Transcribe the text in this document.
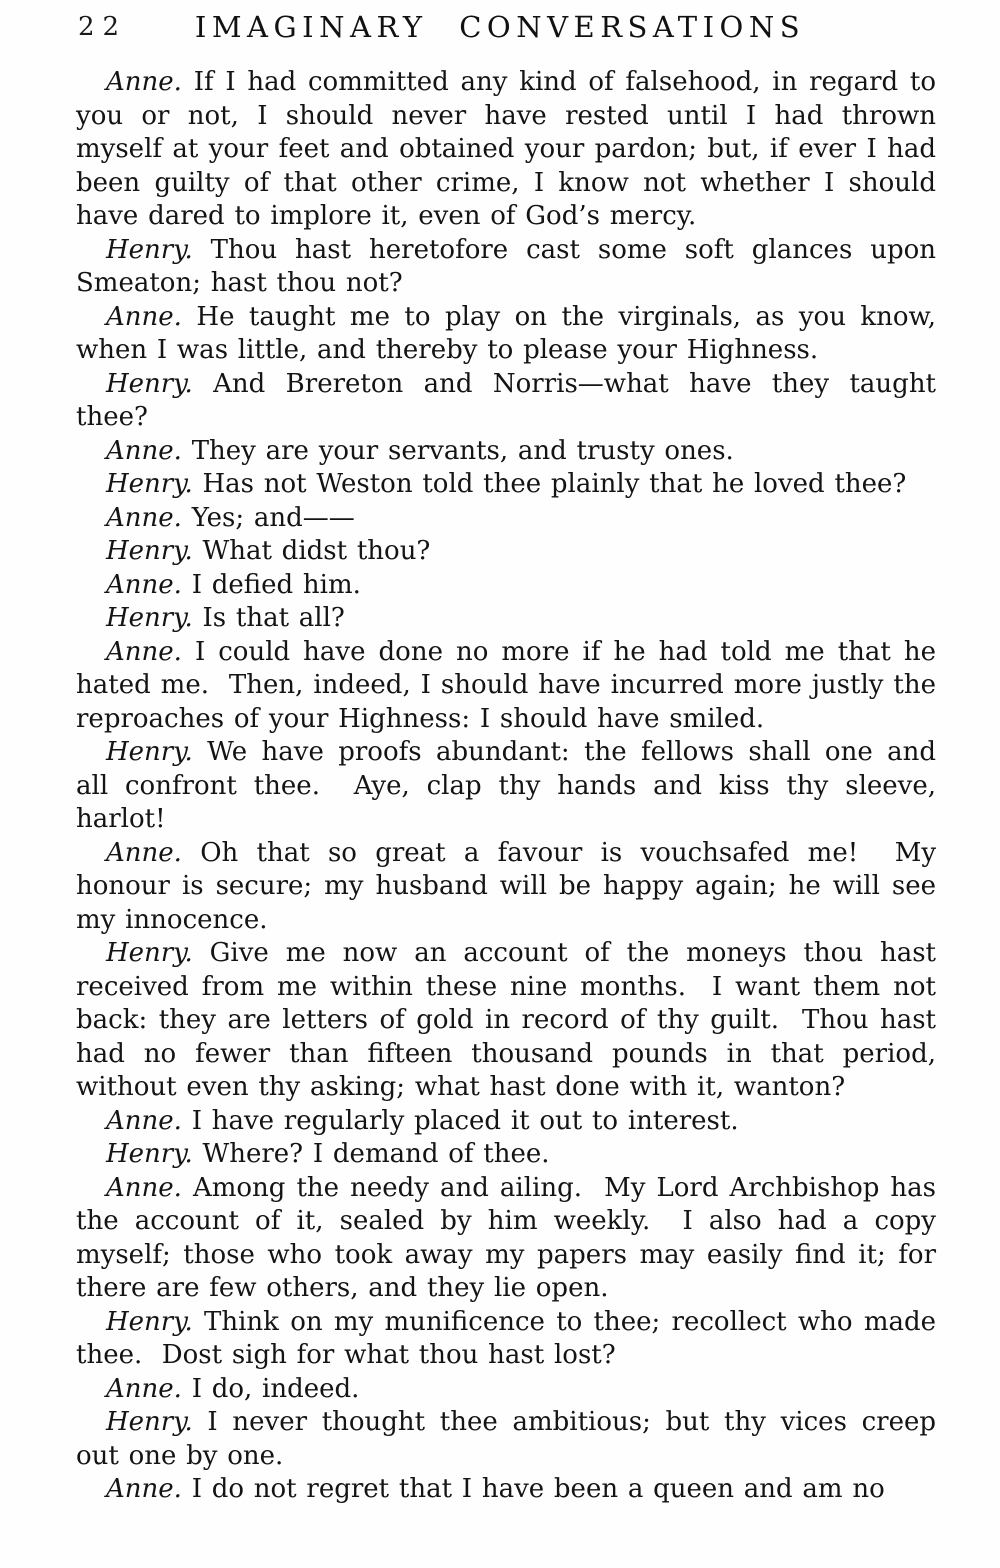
22	IMAGINARY CONVERSATIONS

Anne. If I had committed any kind of falsehood, in regard to you or not, I should never have rested until I had thrown myself at your feet and obtained your pardon; but, if ever I had been guilty of that other crime, I know not whether I should have dared to implore it, even of God’s mercy.

Henry. Thou hast heretofore cast some soft glances upon Smeaton; hast thou not?

Anne. He taught me to play on the virginals, as you know, when I was little, and thereby to please your Highness.

Henry. And Brereton and Norris—what have they taught thee?

Anne. They are your servants, and trusty ones.

Henry. Has not Weston told thee plainly that he loved thee?

Anne. Yes; and——

Henry. What didst thou?

Anne. I defied him.

Henry. Is that all?

Anne. I could have done no more if he had told me that he hated me.  Then, indeed, I should have incurred more justly the reproaches of your Highness: I should have smiled.

Henry. We have proofs abundant: the fellows shall one and all confront thee.  Aye, clap thy hands and kiss thy sleeve, harlot!

Anne. Oh that so great a favour is vouchsafed me!  My honour is secure; my husband will be happy again; he will see my innocence.

Henry. Give me now an account of the moneys thou hast received from me within these nine months.  I want them not back: they are letters of gold in record of thy guilt.  Thou hast had no fewer than fifteen thousand pounds in that period, without even thy asking; what hast done with it, wanton?

Anne. I have regularly placed it out to interest.

Henry. Where? I demand of thee.

Anne. Among the needy and ailing.  My Lord Archbishop has the account of it, sealed by him weekly.  I also had a copy myself; those who took away my papers may easily find it; for there are few others, and they lie open.

Henry. Think on my munificence to thee; recollect who made thee.  Dost sigh for what thou hast lost?

Anne. I do, indeed.

Henry. I never thought thee ambitious; but thy vices creep out one by one.

Anne. I do not regret that I have been a queen and am no
